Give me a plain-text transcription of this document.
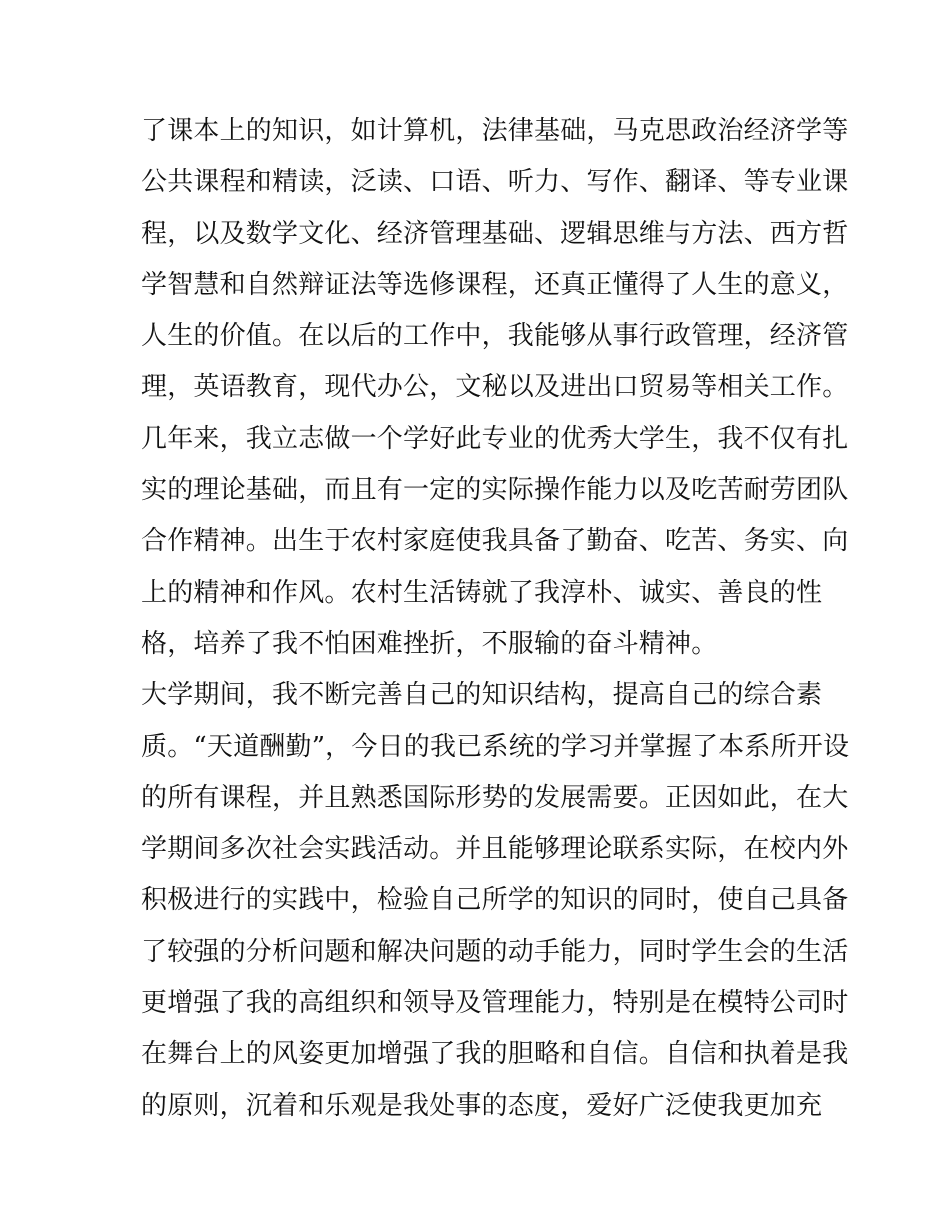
了课本上的知识，如计算机，法律基础，马克思政治经济学等
公共课程和精读，泛读、口语、听力、写作、翻译、等专业课
程，以及数学文化、经济管理基础、逻辑思维与方法、西方哲
学智慧和自然辩证法等选修课程，还真正懂得了人生的意义，
人生的价值。在以后的工作中，我能够从事行政管理，经济管
理，英语教育，现代办公，文秘以及进出口贸易等相关工作。
几年来，我立志做一个学好此专业的优秀大学生，我不仅有扎
实的理论基础，而且有一定的实际操作能力以及吃苦耐劳团队
合作精神。出生于农村家庭使我具备了勤奋、吃苦、务实、向
上的精神和作风。农村生活铸就了我淳朴、诚实、善良的性
格，培养了我不怕困难挫折，不服输的奋斗精神。
大学期间，我不断完善自己的知识结构，提高自己的综合素
质。“天道酬勤”，今日的我已系统的学习并掌握了本系所开设
的所有课程，并且熟悉国际形势的发展需要。正因如此，在大
学期间多次社会实践活动。并且能够理论联系实际，在校内外
积极进行的实践中，检验自己所学的知识的同时，使自己具备
了较强的分析问题和解决问题的动手能力，同时学生会的生活
更增强了我的高组织和领导及管理能力，特别是在模特公司时
在舞台上的风姿更加增强了我的胆略和自信。自信和执着是我
的原则，沉着和乐观是我处事的态度，爱好广泛使我更加充
